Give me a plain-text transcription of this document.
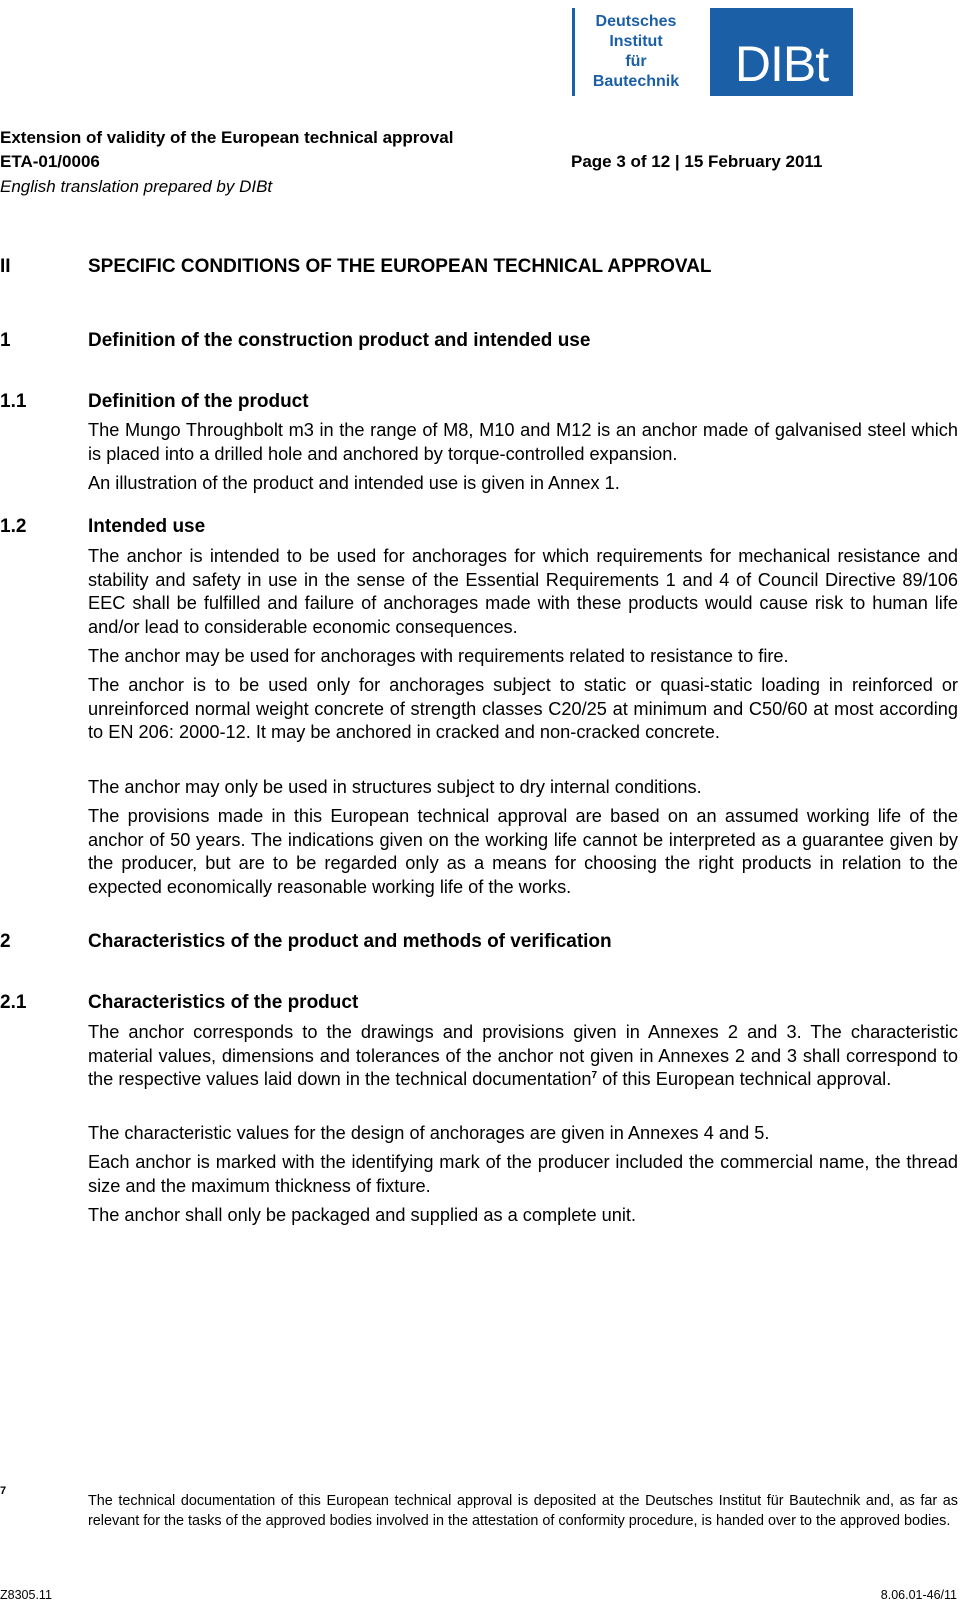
Deutsches
Institut
für
Bautechnik	DIBt
Extension of validity of the European technical approval
ETA-01/0006	Page 3 of 12 | 15 February 2011
English translation prepared by DIBt
II	SPECIFIC CONDITIONS OF THE EUROPEAN TECHNICAL APPROVAL
1	Definition of the construction product and intended use
1.1	Definition of the product

The Mungo Throughbolt m3 in the range of M8, M10 and M12 is an anchor made of galvanised steel which is placed into a drilled hole and anchored by torque-controlled expansion.

An illustration of the product and intended use is given in Annex 1.

1.2	Intended use

The anchor is intended to be used for anchorages for which requirements for mechanical resistance and stability and safety in use in the sense of the Essential Requirements 1 and 4 of Council Directive 89/106 EEC shall be fulfilled and failure of anchorages made with these products would cause risk to human life and/or lead to considerable economic consequences.

The anchor may be used for anchorages with requirements related to resistance to fire.

The anchor is to be used only for anchorages subject to static or quasi-static loading in reinforced or unreinforced normal weight concrete of strength classes C20/25 at minimum and C50/60 at most according to EN 206: 2000-12. It may be anchored in cracked and non-cracked concrete.

The anchor may only be used in structures subject to dry internal conditions.

The provisions made in this European technical approval are based on an assumed working life of the anchor of 50 years. The indications given on the working life cannot be interpreted as a guarantee given by the producer, but are to be regarded only as a means for choosing the right products in relation to the expected economically reasonable working life of the works.

2	Characteristics of the product and methods of verification
2.1	Characteristics of the product

The anchor corresponds to the drawings and provisions given in Annexes 2 and 3. The characteristic material values, dimensions and tolerances of the anchor not given in Annexes 2 and 3 shall correspond to the respective values laid down in the technical documentation$^7$ of this European technical approval.

The characteristic values for the design of anchorages are given in Annexes 4 and 5.

Each anchor is marked with the identifying mark of the producer included the commercial name, the thread size and the maximum thickness of fixture.

The anchor shall only be packaged and supplied as a complete unit.

7

The technical documentation of this European technical approval is deposited at the Deutsches Institut für Bautechnik and, as far as relevant for the tasks of the approved bodies involved in the attestation of conformity procedure, is handed over to the approved bodies.

Z8305.11	8.06.01-46/11
